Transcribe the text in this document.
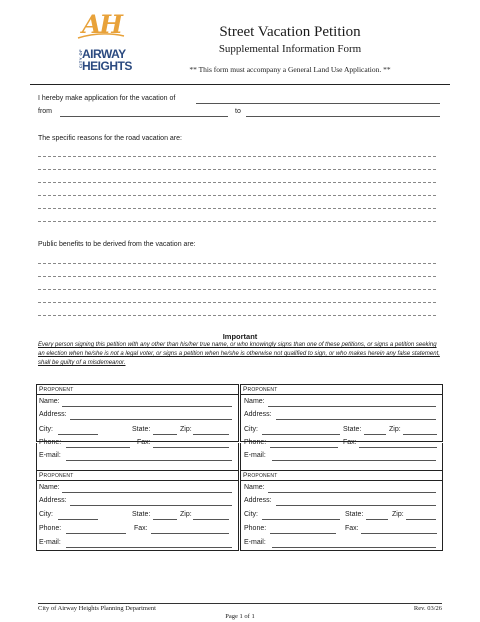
AH
CITY OF
AIRWAY
HEIGHTS
Street Vacation Petition
Supplemental Information Form
** This form must accompany a General Land Use Application. **
I hereby make application for the vacation of
from	to
The specific reasons for the road vacation are:
Public benefits to be derived from the vacation are:
Important
Every person signing this petition with any other than his/her true name, or who knowingly signs than one of these petitions, or signs a petition seeking an election when he/she is not a legal voter, or signs a petition when he/she is otherwise not qualified to sign, or who makes herein any false statement, shall be guilty of a misdemeanor.
Proponent
Name:
Address:
City:	State:	Zip:
Phone:	Fax:
E-mail:
Proponent
Name:
Address:
City:	State:	Zip:
Phone:	Fax:
E-mail:
Proponent
Name:
Address:
City:	State:	Zip:
Phone:	Fax:
E-mail:
Proponent
Name:
Address:
City:	State:	Zip:
Phone:	Fax:
E-mail:
City of Airway Heights Planning Department	Rev. 03/26
Page 1 of 1
